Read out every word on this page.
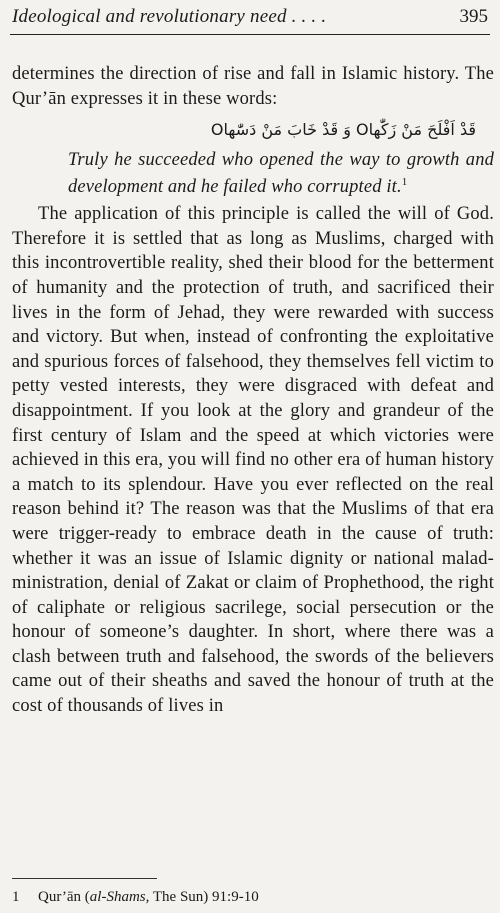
Ideological and revolutionary need . . . .	395

determines the direction of rise and fall in Islamic history. The Qur’ān expresses it in these words:

قَدْ اَفْلَحَ مَنْ زَكّٰهاO وَ قَدْ خَابَ مَنْ دَسّٰهاO

Truly he succeeded who opened the way to growth and development and he failed who corrupted it.$^1$

The application of this principle is called the will of God. Therefore it is settled that as long as Muslims, charged with this incontrovertible reality, shed their blood for the betterment of humanity and the protection of truth, and sacrificed their lives in the form of Jehad, they were rewarded with success and victory. But when, instead of confronting the exploitative and spurious forces of falsehood, they themselves fell victim to petty vested interests, they were disgraced with defeat and disappointment. If you look at the glory and grandeur of the first century of Islam and the speed at which victories were achieved in this era, you will find no other era of human history a match to its splendour. Have you ever reflected on the real reason behind it? The reason was that the Muslims of that era were trigger-ready to embrace death in the cause of truth: whether it was an issue of Islamic dignity or national malad-ministration, denial of Zakat or claim of Prophethood, the right of caliphate or religious sacrilege, social persecution or the honour of someone’s daughter. In short, where there was a clash between truth and falsehood, the swords of the believers came out of their sheaths and saved the honour of truth at the cost of thousands of lives in

1 Qur’ān (al-Shams, The Sun) 91:9-10
